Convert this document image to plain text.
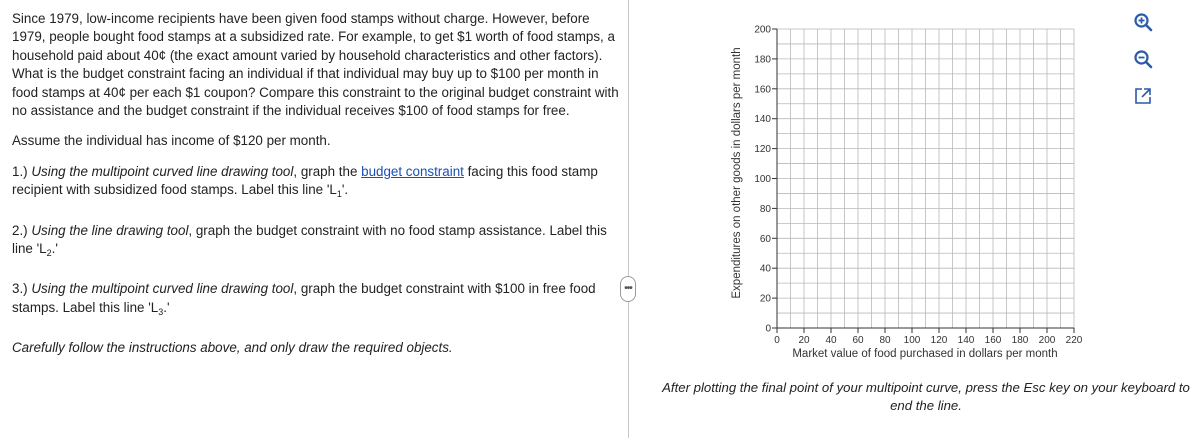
Since 1979, low-income recipients have been given food stamps without charge. However, before 1979, people bought food stamps at a subsidized rate. For example, to get $1 worth of food stamps, a household paid about 40¢ (the exact amount varied by household characteristics and other factors). What is the budget constraint facing an individual if that individual may buy up to $100 per month in food stamps at 40¢ per each $1 coupon? Compare this constraint to the original budget constraint with no assistance and the budget constraint if the individual receives $100 of food stamps for free.

Assume the individual has income of $120 per month.

1.) Using the multipoint curved line drawing tool, graph the budget constraint facing this food stamp recipient with subsidized food stamps. Label this line '$L_1$'.

2.) Using the line drawing tool, graph the budget constraint with no food stamp assistance. Label this line '$L_2$.'

3.) Using the multipoint curved line drawing tool, graph the budget constraint with $100 in free food stamps. Label this line '$L_3$.'

Carefully follow the instructions above, and only draw the required objects.

•••
0
20
40
60
80
100
120
140
160
180
200
0 20 40 60 80 100 120 140 160 180 200 220
Expenditures on other goods in dollars per month
Market value of food purchased in dollars per month
After plotting the final point of your multipoint curve, press the Esc key on your keyboard to end the line.
